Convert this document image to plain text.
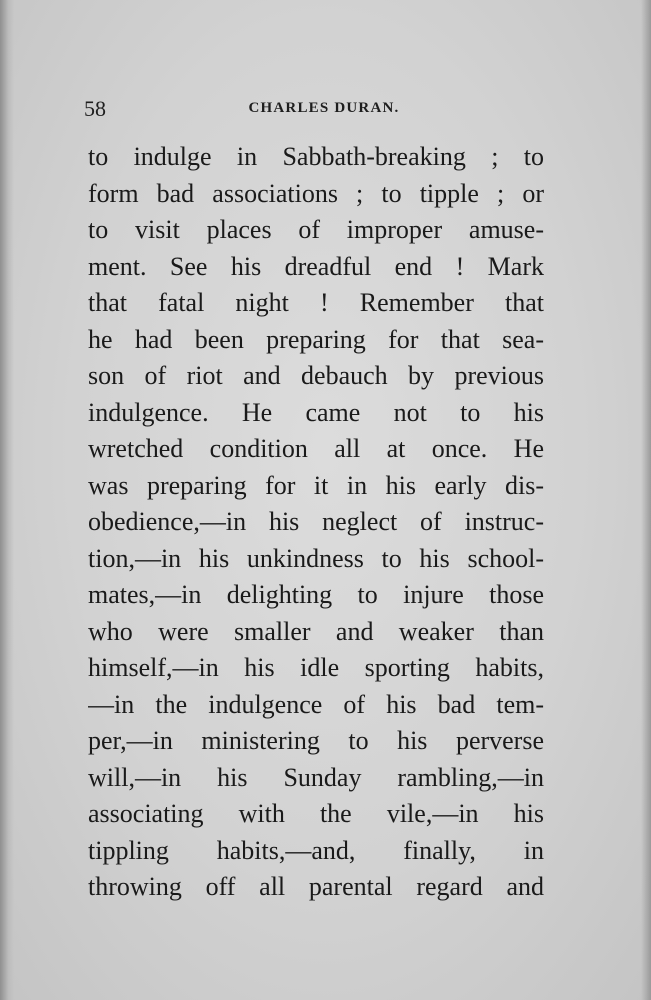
58	CHARLES DURAN.
to indulge in Sabbath-breaking ; to
form bad associations ; to tipple ; or
to visit places of improper amuse-
ment. See his dreadful end ! Mark
that fatal night ! Remember that
he had been preparing for that sea-
son of riot and debauch by previous
indulgence. He came not to his
wretched condition all at once. He
was preparing for it in his early dis-
obedience,—in his neglect of instruc-
tion,—in his unkindness to his school-
mates,—in delighting to injure those
who were smaller and weaker than
himself,—in his idle sporting habits,
—in the indulgence of his bad tem-
per,—in ministering to his perverse
will,—in his Sunday rambling,—in
associating with the vile,—in his
tippling habits,—and, finally, in
throwing off all parental regard and
